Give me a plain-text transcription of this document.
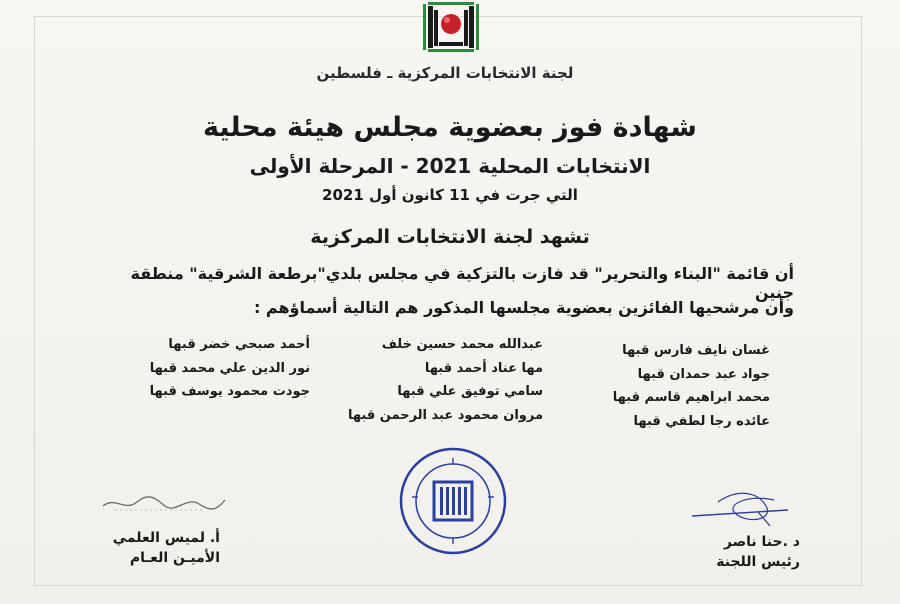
لجنة الانتخابات المركزية ـ فلسطين
شهادة فوز بعضوية مجلس هيئة محلية
الانتخابات المحلية 2021 - المرحلة الأولى
التي جرت في 11 كانون أول 2021
تشهد لجنة الانتخابات المركزية
أن قائمة "البناء والتحرير" قد فازت بالتزكية في مجلس بلدي"برطعة الشرقية" منطقة جنين
وأن مرشحيها الفائزين بعضوية مجلسها المذكور هم التالية أسماؤهم :
غسان نايف فارس قبها
جواد عبد حمدان قبها
محمد ابراهيم قاسم قبها
عائده رجا لطفي قبها
عبدالله محمد حسين خلف
مها عناد أحمد قبها
سامي توفيق علي قبها
مروان محمود عبد الرحمن قبها
أحمد صبحي خضر قبها
نور الدين علي محمد قبها
جودت محمود يوسف قبها
أ. لميس العلمي
الأميـن العـام
د .حنا ناصر
رئيس اللجنة
